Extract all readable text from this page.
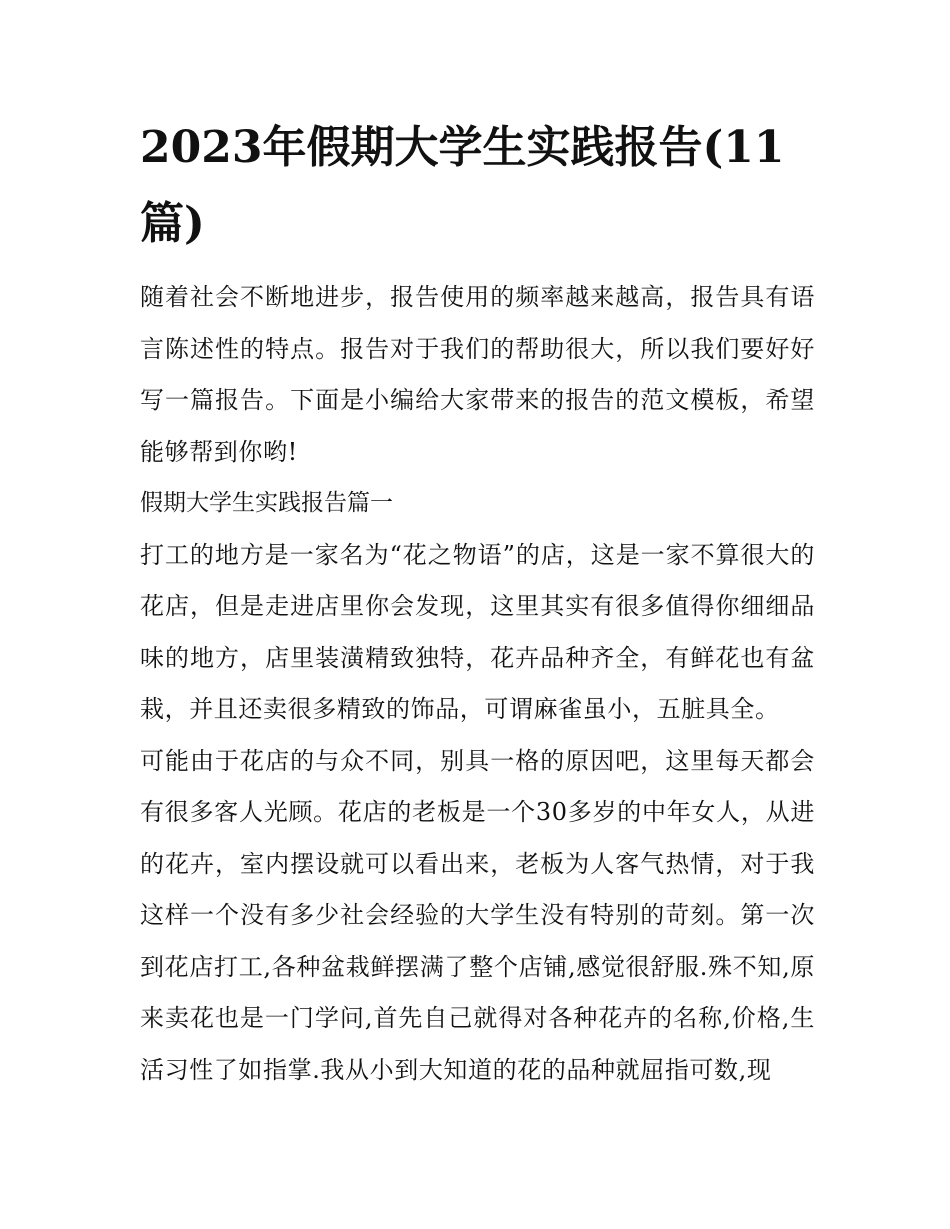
2023年假期大学生实践报告(11篇)

随着社会不断地进步，报告使用的频率越来越高，报告具有语言陈述性的特点。报告对于我们的帮助很大，所以我们要好好写一篇报告。下面是小编给大家带来的报告的范文模板，希望能够帮到你哟!

假期大学生实践报告篇一

打工的地方是一家名为“花之物语”的店，这是一家不算很大的花店，但是走进店里你会发现，这里其实有很多值得你细细品味的地方，店里装潢精致独特，花卉品种齐全，有鲜花也有盆栽，并且还卖很多精致的饰品，可谓麻雀虽小，五脏具全。

可能由于花店的与众不同，别具一格的原因吧，这里每天都会有很多客人光顾。花店的老板是一个30多岁的中年女人，从进的花卉，室内摆设就可以看出来，老板为人客气热情，对于我这样一个没有多少社会经验的大学生没有特别的苛刻。第一次到花店打工,各种盆栽鲜摆满了整个店铺,感觉很舒服.殊不知,原来卖花也是一门学问,首先自己就得对各种花卉的名称,价格,生活习性了如指掌.我从小到大知道的花的品种就屈指可数,现
